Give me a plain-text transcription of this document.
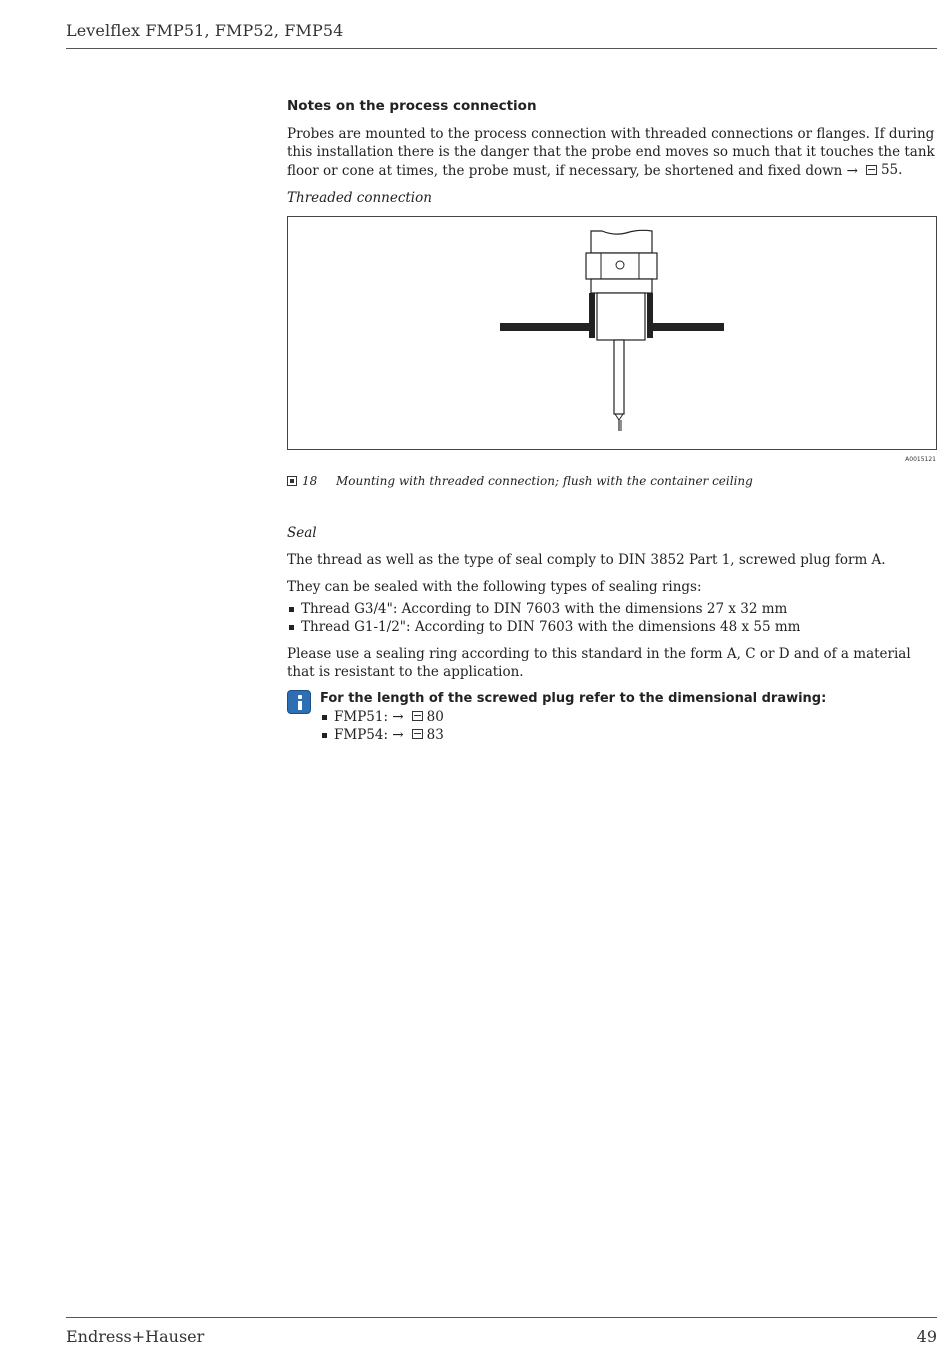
Levelflex FMP51, FMP52, FMP54
Notes on the process connection

Probes are mounted to the process connection with threaded connections or flanges. If during this installation there is the danger that the probe end moves so much that it touches the tank floor or cone at times, the probe must, if necessary, be shortened and fixed down → 55.

Threaded connection
A0015121
18	Mounting with threaded connection; flush with the container ceiling
Seal

The thread as well as the type of seal comply to DIN 3852 Part 1, screwed plug form A.

They can be sealed with the following types of sealing rings:

Thread G3/4": According to DIN 7603 with the dimensions 27 x 32 mm
Thread G1-1/2": According to DIN 7603 with the dimensions 48 x 55 mm

Please use a sealing ring according to this standard in the form A, C or D and of a material that is resistant to the application.

For the length of the screwed plug refer to the dimensional drawing:
FMP51: → 80
FMP54: → 83
Endress+Hauser	49
